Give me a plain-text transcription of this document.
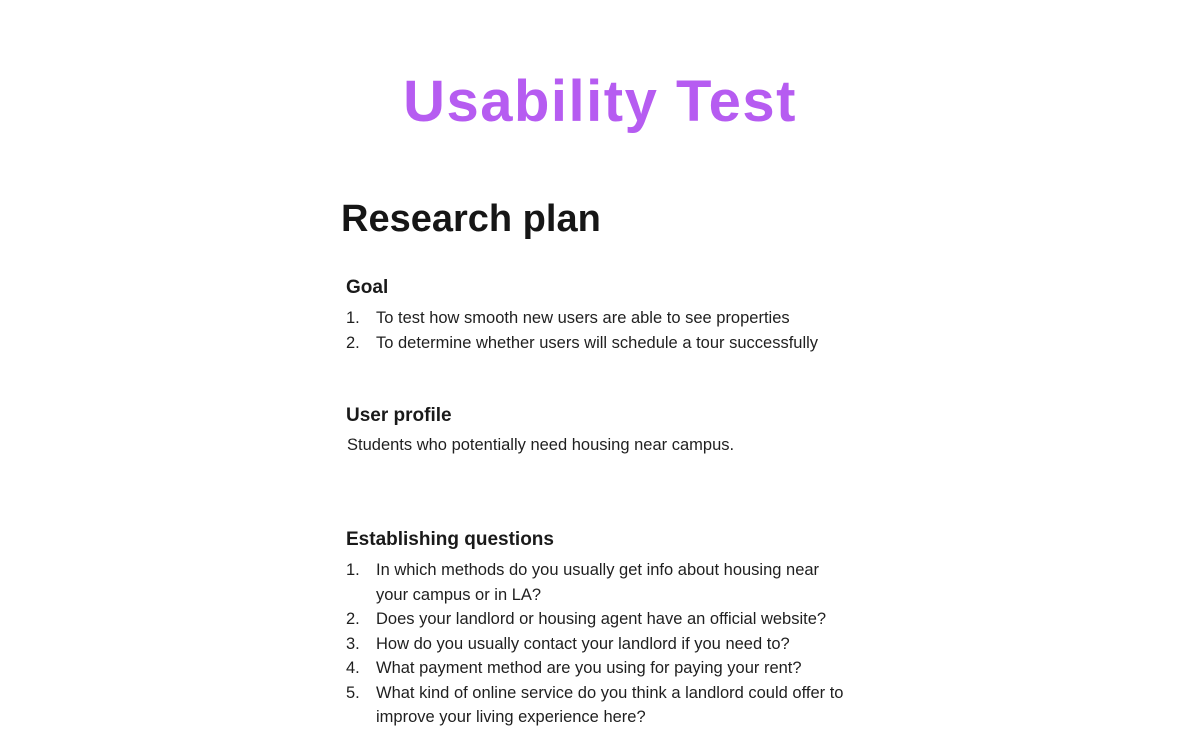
Usability Test
Research plan
Goal
1. To test how smooth new users are able to see properties
2. To determine whether users will schedule a tour successfully
User profile

Students who potentially need housing near campus.

Establishing questions
1. In which methods do you usually get info about housing near your campus or in LA?
2. Does your landlord or housing agent have an official website?
3. How do you usually contact your landlord if you need to?
4. What payment method are you using for paying your rent?
5. What kind of online service do you think a landlord could offer to improve your living experience here?
